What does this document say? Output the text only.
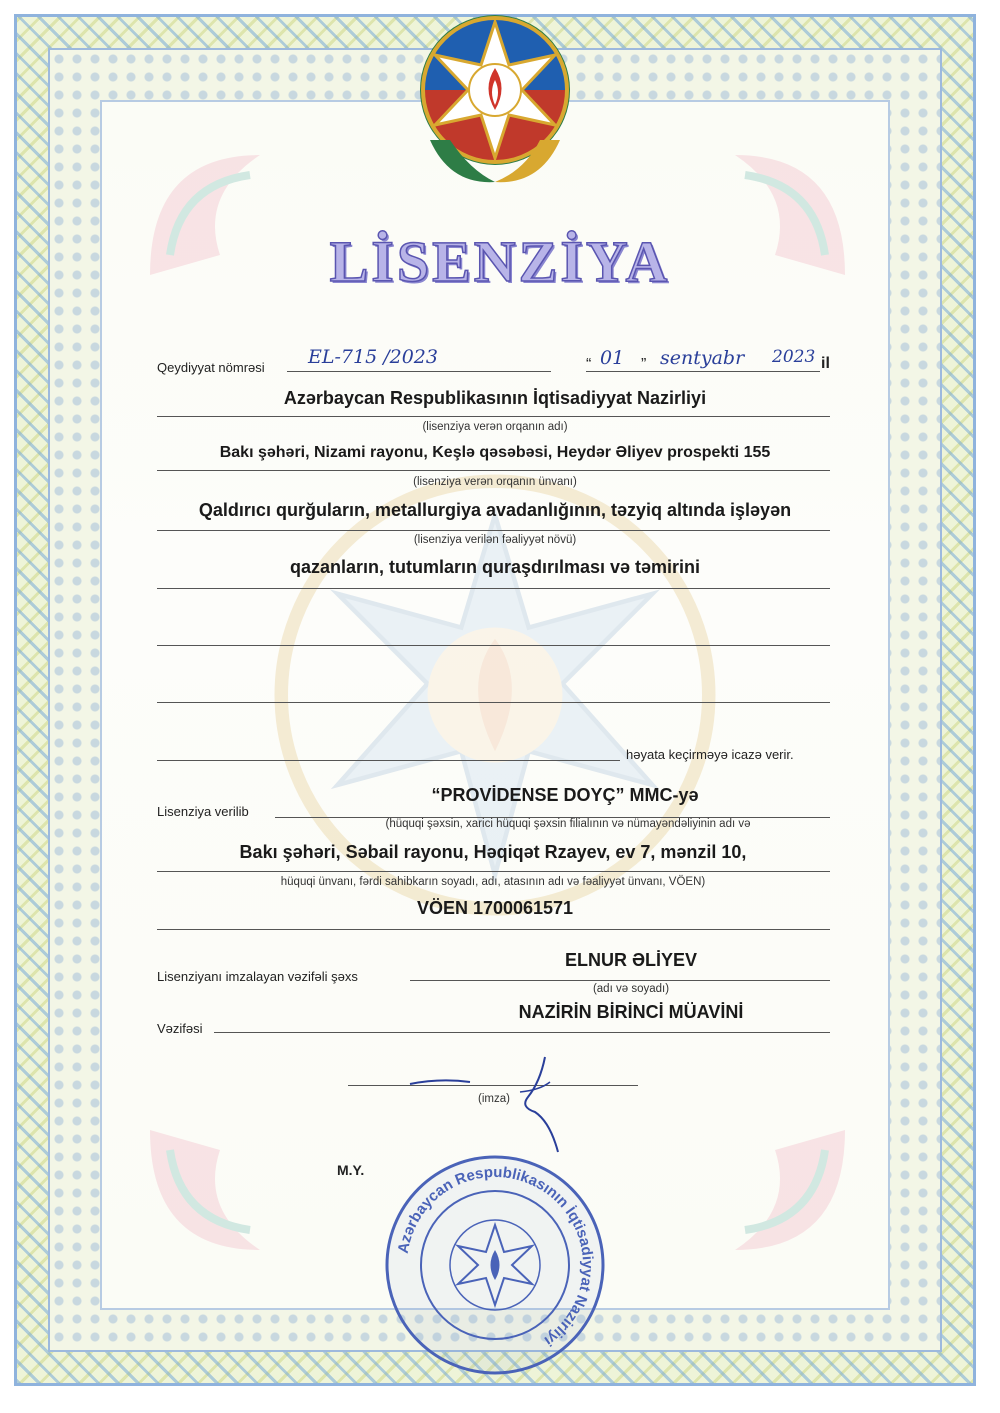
LİSENZİYA
Qeydiyyat nömrəsi EL-715 /2023	“ 01 ” sentyabr 2023 il
Azərbaycan Respublikasının İqtisadiyyat Nazirliyi
(lisenziya verən orqanın adı)
Bakı şəhəri, Nizami rayonu, Keşlə qəsəbəsi, Heydər Əliyev prospekti 155
(lisenziya verən orqanın ünvanı)
Qaldırıcı qurğuların, metallurgiya avadanlığının, təzyiq altında işləyən
(lisenziya verilən fəaliyyət növü)
qazanların, tutumların quraşdırılması və təmirini
həyata keçirməyə icazə verir.
Lisenziya verilib
“PROVİDENSE DOYÇ” MMC-yə
(hüquqi şəxsin, xarici hüquqi şəxsin filialının və nümayəndəliyinin adı və
Bakı şəhəri, Səbail rayonu, Həqiqət Rzayev, ev 7, mənzil 10,
hüquqi ünvanı, fərdi sahibkarın soyadı, adı, atasının adı və fəaliyyət ünvanı, VÖEN)
VÖEN 1700061571
Lisenziyanı imzalayan vəzifəli şəxs
ELNUR ƏLİYEV
(adı və soyadı)
Vəzifəsi
NAZİRİN BİRİNCİ MÜAVİNİ
(imza)
M.Y.
Azərbaycan Respublikasının İqtisadiyyat Nazirliyi
